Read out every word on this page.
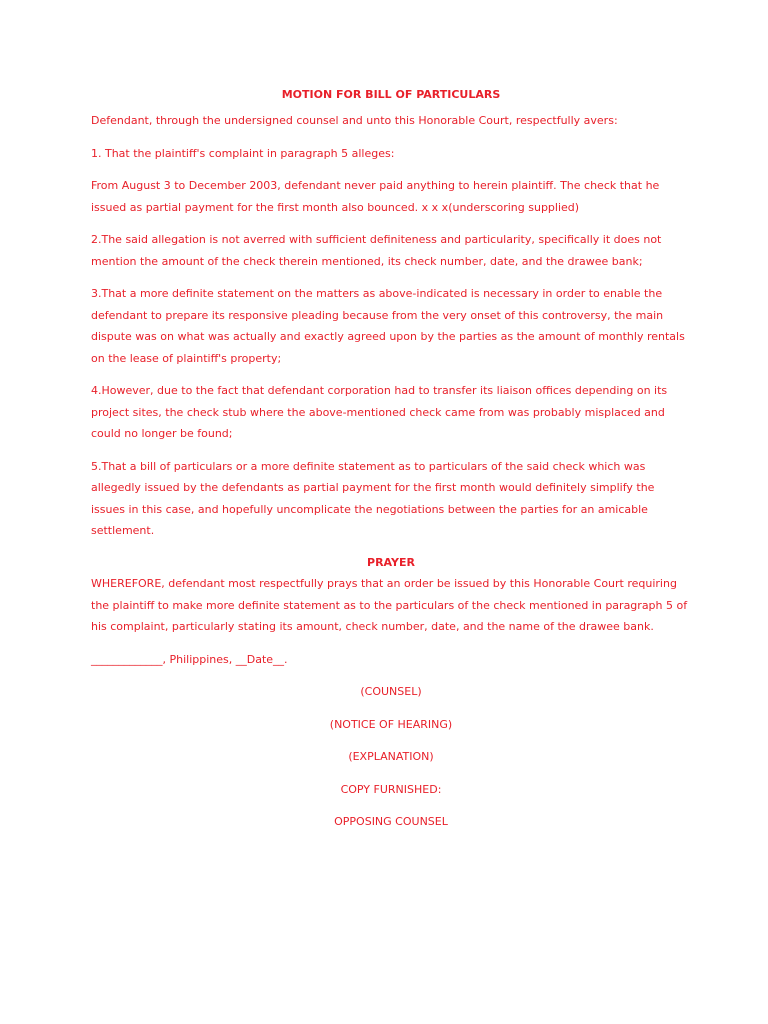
MOTION FOR BILL OF PARTICULARS

Defendant, through the undersigned counsel and unto this Honorable Court, respectfully avers:

1. That the plaintiff's complaint in paragraph 5 alleges:

From August 3 to December 2003, defendant never paid anything to herein plaintiff. The check that he issued as partial payment for the first month also bounced. x x x(underscoring supplied)

2.The said allegation is not averred with sufficient definiteness and particularity, specifically it does not mention the amount of the check therein mentioned, its check number, date, and the drawee bank;

3.That a more definite statement on the matters as above-indicated is necessary in order to enable the defendant to prepare its responsive pleading because from the very onset of this controversy, the main dispute was on what was actually and exactly agreed upon by the parties as the amount of monthly rentals on the lease of plaintiff's property;

4.However, due to the fact that defendant corporation had to transfer its liaison offices depending on its project sites, the check stub where the above-mentioned check came from was probably misplaced and could no longer be found;

5.That a bill of particulars or a more definite statement as to particulars of the said check which was allegedly issued by the defendants as partial payment for the first month would definitely simplify the issues in this case, and hopefully uncomplicate the negotiations between the parties for an amicable settlement.

PRAYER

WHEREFORE, defendant most respectfully prays that an order be issued by this Honorable Court requiring the plaintiff to make more definite statement as to the particulars of the check mentioned in paragraph 5 of his complaint, particularly stating its amount, check number, date, and the name of the drawee bank.

_____________, Philippines, __Date__.

(COUNSEL)

(NOTICE OF HEARING)

(EXPLANATION)

COPY FURNISHED:

OPPOSING COUNSEL
